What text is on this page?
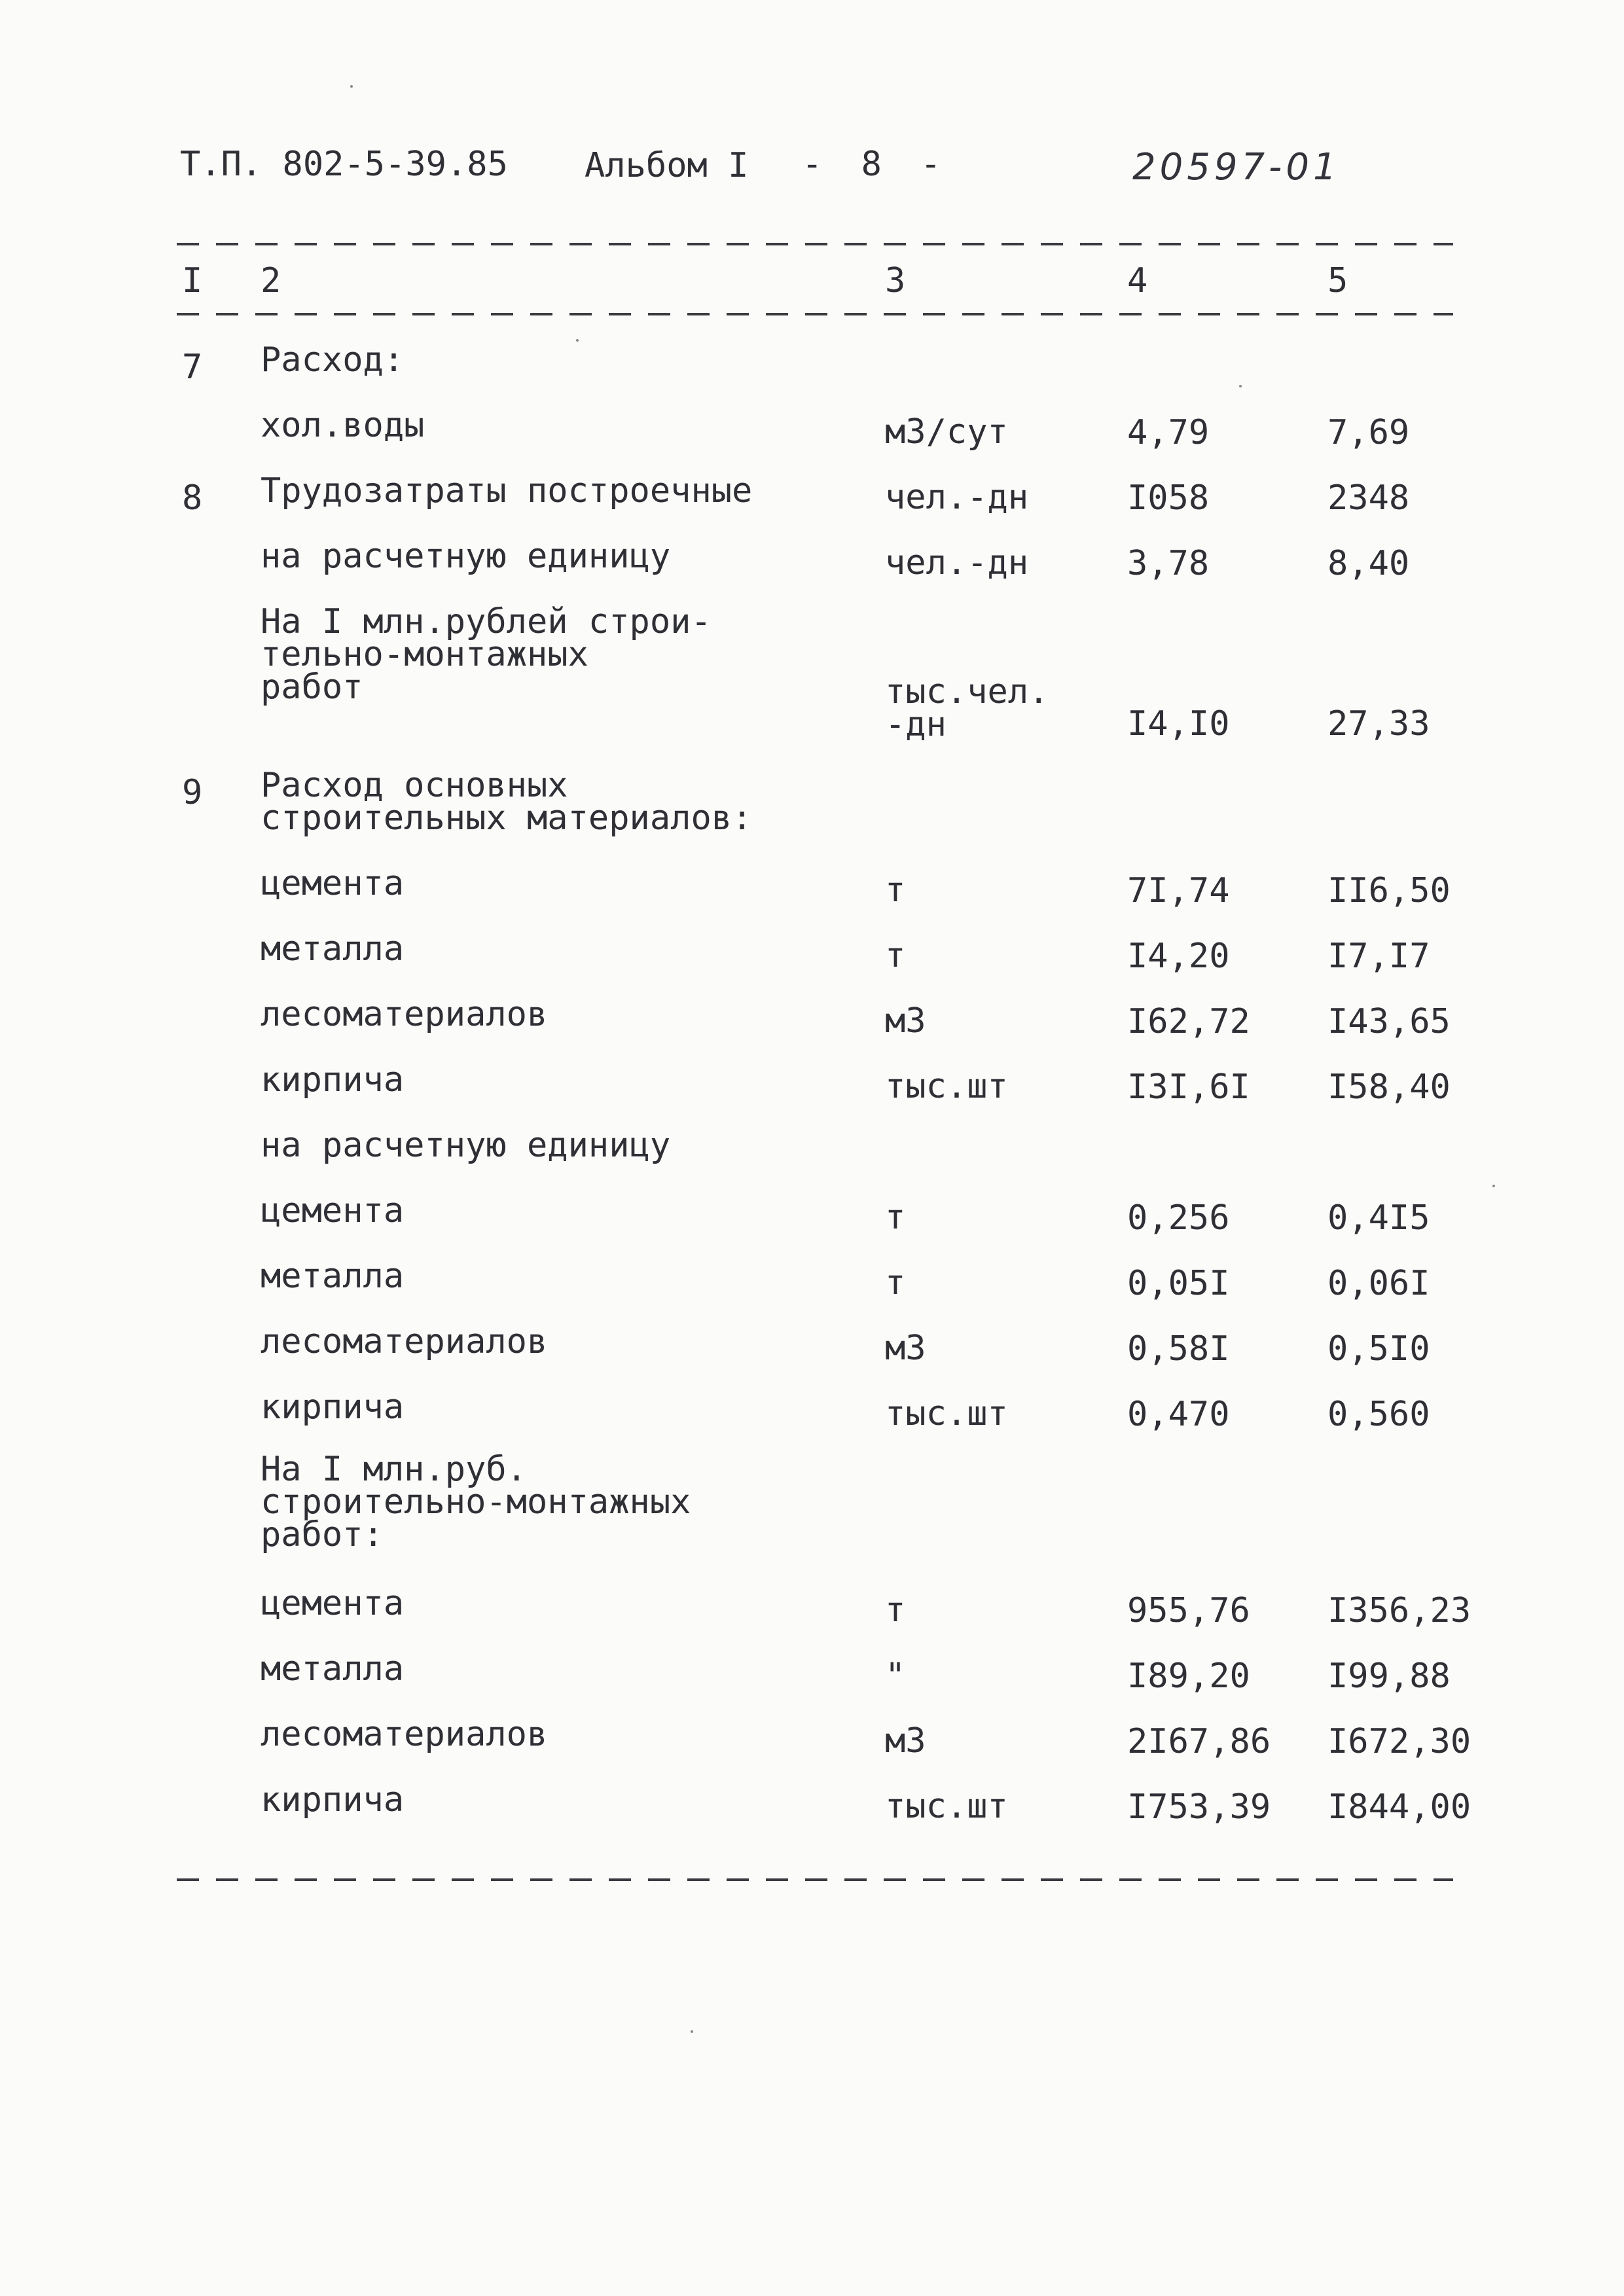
Т.П. 802-5-39.85 Альбом I - 8 -	20597-01
I 2	3	4	5
7 Расход:
хол.воды	м3/сут	4,79	7,69
8 Трудозатраты построечные	чел.-дн	I058	2348
на расчетную единицу	чел.-дн	3,78	8,40
На I млн.рублей строи-
тельно-монтажных
работ	тыс.чел.
-дн	I4,I0	27,33
9 Расход основных
строительных материалов:
цемента	т	7I,74	II6,50
металла	т	I4,20	I7,I7
лесоматериалов	м3	I62,72 I43,65
кирпича	тыс.шт	I3I,6I I58,40
на расчетную единицу
цемента	т	0,256	0,4I5
металла	т	0,05I	0,06I
лесоматериалов	м3	0,58I	0,5I0
кирпича	тыс.шт	0,470	0,560
На I млн.руб.
строительно-монтажных
работ:
цемента	т	955,76 I356,23
металла	"	I89,20 I99,88
лесоматериалов	м3	2I67,86 I672,30
кирпича	тыс.шт	I753,39 I844,00
